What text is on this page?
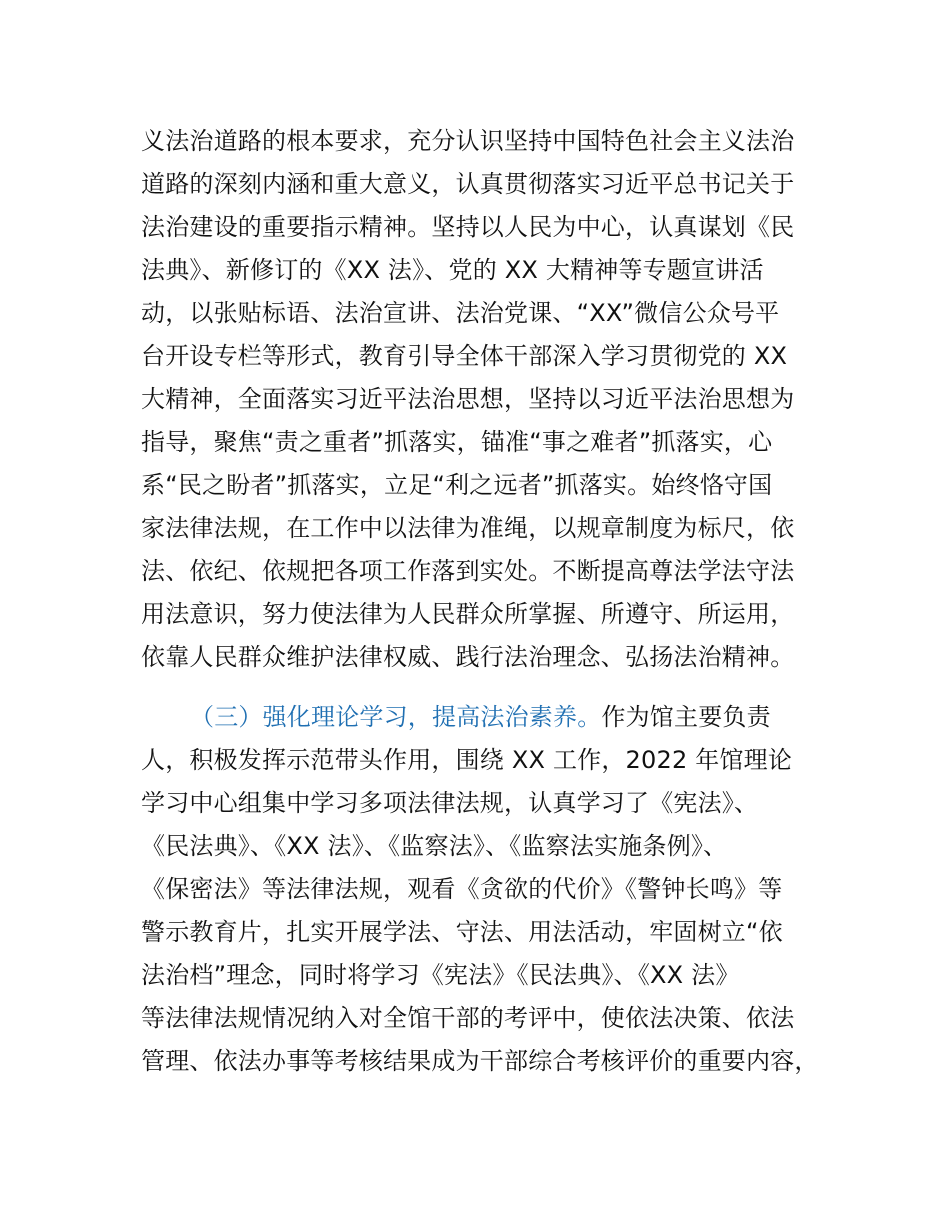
义法治道路的根本要求，充分认识坚持中国特色社会主义法治
道路的深刻内涵和重大意义，认真贯彻落实习近平总书记关于
法治建设的重要指示精神。坚持以人民为中心，认真谋划《民
法典》、新修订的《XX 法》、党的 XX 大精神等专题宣讲活
动，以张贴标语、法治宣讲、法治党课、“XX”微信公众号平
台开设专栏等形式，教育引导全体干部深入学习贯彻党的 XX
大精神，全面落实习近平法治思想，坚持以习近平法治思想为
指导，聚焦“责之重者”抓落实，锚准“事之难者”抓落实，心
系“民之盼者”抓落实，立足“利之远者”抓落实。始终恪守国
家法律法规，在工作中以法律为准绳，以规章制度为标尺，依
法、依纪、依规把各项工作落到实处。不断提高尊法学法守法
用法意识，努力使法律为人民群众所掌握、所遵守、所运用，
依靠人民群众维护法律权威、践行法治理念、弘扬法治精神。
（三）强化理论学习，提高法治素养。作为馆主要负责
人，积极发挥示范带头作用，围绕 XX 工作，2022 年馆理论
学习中心组集中学习多项法律法规，认真学习了《宪法》、
《民法典》、《XX 法》、《监察法》、《监察法实施条例》、
《保密法》等法律法规，观看《贪欲的代价》《警钟长鸣》等
警示教育片，扎实开展学法、守法、用法活动，牢固树立“依
法治档”理念，同时将学习《宪法》《民法典》、《XX 法》
等法律法规情况纳入对全馆干部的考评中，使依法决策、依法
管理、依法办事等考核结果成为干部综合考核评价的重要内容，
